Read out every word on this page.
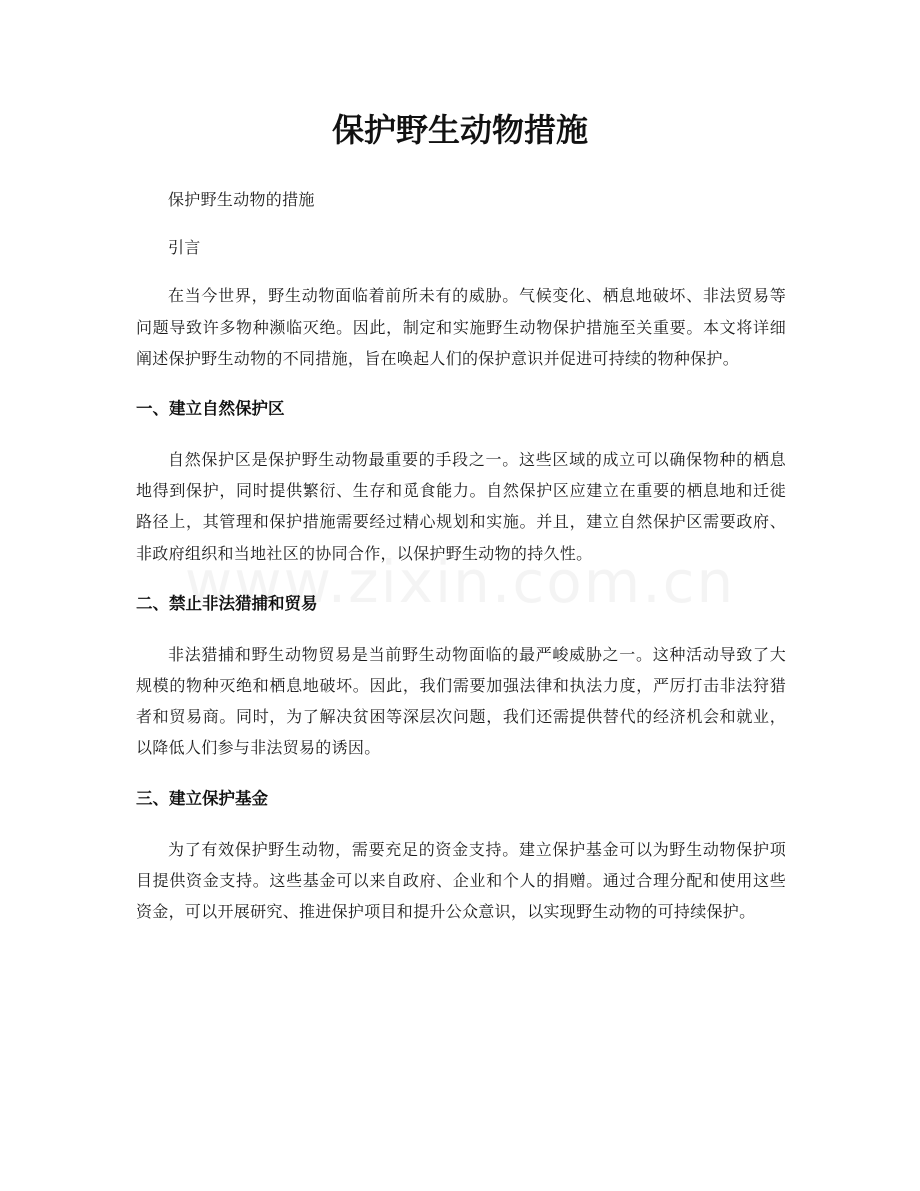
保护野生动物措施

保护野生动物的措施

引言

在当今世界，野生动物面临着前所未有的威胁。气候变化、栖息地破坏、非法贸易等问题导致许多物种濒临灭绝。因此，制定和实施野生动物保护措施至关重要。本文将详细阐述保护野生动物的不同措施，旨在唤起人们的保护意识并促进可持续的物种保护。

一、建立自然保护区

自然保护区是保护野生动物最重要的手段之一。这些区域的成立可以确保物种的栖息地得到保护，同时提供繁衍、生存和觅食能力。自然保护区应建立在重要的栖息地和迁徙路径上，其管理和保护措施需要经过精心规划和实施。并且，建立自然保护区需要政府、非政府组织和当地社区的协同合作，以保护野生动物的持久性。

二、禁止非法猎捕和贸易

非法猎捕和野生动物贸易是当前野生动物面临的最严峻威胁之一。这种活动导致了大规模的物种灭绝和栖息地破坏。因此，我们需要加强法律和执法力度，严厉打击非法狩猎者和贸易商。同时，为了解决贫困等深层次问题，我们还需提供替代的经济机会和就业，以降低人们参与非法贸易的诱因。

三、建立保护基金

为了有效保护野生动物，需要充足的资金支持。建立保护基金可以为野生动物保护项目提供资金支持。这些基金可以来自政府、企业和个人的捐赠。通过合理分配和使用这些资金，可以开展研究、推进保护项目和提升公众意识，以实现野生动物的可持续保护。
